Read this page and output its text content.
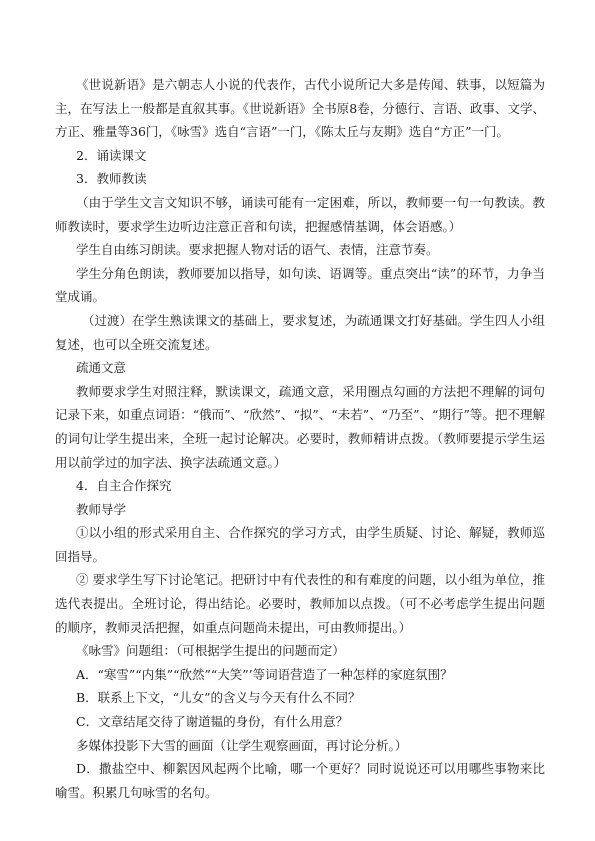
《世说新语》是六朝志人小说的代表作，古代小说所记大多是传闻、轶事，以短篇为主，在写法上一般都是直叙其事。《世说新语》全书原8卷，分德行、言语、政事、文学、方正、雅量等36门，《咏雪》选自“言语”一门，《陈太丘与友期》选自“方正”一门。

2．诵读课文

3．教师教读

（由于学生文言文知识不够，诵读可能有一定困难，所以，教师要一句一句教读。教师教读时，要求学生边听边注意正音和句读，把握感情基调，体会语感。）

学生自由练习朗读。要求把握人物对话的语气、表情，注意节奏。

学生分角色朗读，教师要加以指导，如句读、语调等。重点突出“读”的环节，力争当堂成诵。

（过渡）在学生熟读课文的基础上，要求复述，为疏通课文打好基础。学生四人小组复述，也可以全班交流复述。

疏通文意

教师要求学生对照注释，默读课文，疏通文意，采用圈点勾画的方法把不理解的词句记录下来，如重点词语：“俄而”、“欣然”、“拟”、“未若”、“乃至”、“期行”等。把不理解的词句让学生提出来，全班一起讨论解决。必要时，教师精讲点拨。（教师要提示学生运用以前学过的加字法、换字法疏通文意。）

4．自主合作探究

教师导学

①以小组的形式采用自主、合作探究的学习方式，由学生质疑、讨论、解疑，教师巡回指导。

② 要求学生写下讨论笔记。把研讨中有代表性的和有难度的问题，以小组为单位，推选代表提出。全班讨论，得出结论。必要时，教师加以点拨。（可不必考虑学生提出问题的顺序，教师灵活把握，如重点问题尚未提出，可由教师提出。）

《咏雪》问题组：（可根据学生提出的问题而定）

A．“寒雪”“内集”“欣然”“大笑”’等词语营造了一种怎样的家庭氛围？

B．联系上下文，“儿女”的含义与今天有什么不同？

C．文章结尾交待了谢道韫的身份，有什么用意？

多媒体投影下大雪的画面（让学生观察画面，再讨论分析。）

D．撒盐空中、柳絮因风起两个比喻，哪一个更好？同时说说还可以用哪些事物来比喻雪。积累几句咏雪的名句。
